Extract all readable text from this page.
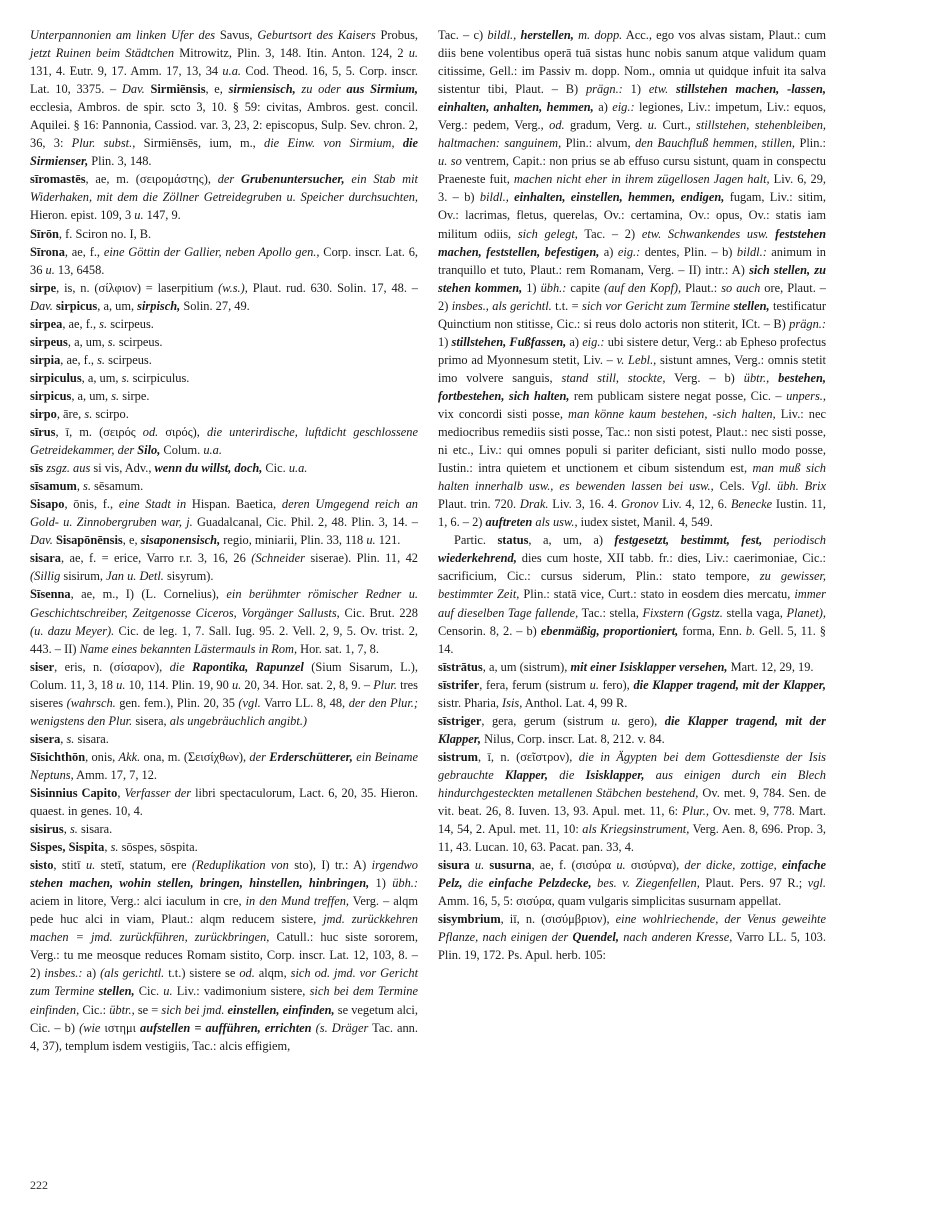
Unterpannonien am linken Ufer des Savus, Geburtsort des Kaisers Probus, jetzt Ruinen beim Städtchen Mitrowitz, Plin. 3, 148. Itin. Anton. 124, 2 u. 131, 4. Eutr. 9, 17. Amm. 17, 13, 34 u.a. Cod. Theod. 16, 5, 5. Corp. inscr. Lat. 10, 3375. – Dav. Sirmiēnsis, e, sirmiensisch, zu oder aus Sirmium, ecclesia, Ambros. de spir. scto 3, 10. § 59: civitas, Ambros. gest. concil. Aquilei. § 16: Pannonia, Cassiod. var. 3, 23, 2: episcopus, Sulp. Sev. chron. 2, 36, 3: Plur. subst., Sirmiēnsēs, ium, m., die Einw. von Sirmium, die Sirmienser, Plin. 3, 148.

sīromastēs, ae, m. (σειρομάστης), der Grubenuntersucher, ein Stab mit Widerhaken, mit dem die Zöllner Getreidegruben u. Speicher durchsuchten, Hieron. epist. 109, 3 u. 147, 9.

Sīrōn, f. Sciron no. I, B.

Sīrona, ae, f., eine Göttin der Gallier, neben Apollo gen., Corp. inscr. Lat. 6, 36 u. 13, 6458.

sirpe, is, n. (σίλφιον) = laserpitium (w.s.), Plaut. rud. 630. Solin. 17, 48. – Dav. sirpicus, a, um, sirpisch, Solin. 27, 49.

sirpea, ae, f., s. scirpeus.

sirpeus, a, um, s. scirpeus.

sirpia, ae, f., s. scirpeus.

sirpiculus, a, um, s. scirpiculus.

sirpicus, a, um, s. sirpe.

sirpo, āre, s. scirpo.

sīrus, ī, m. (σειρός od. σιρός), die unterirdische, luftdicht geschlossene Getreidekammer, der Silo, Colum. u.a.

sīs zsgz. aus si vis, Adv., wenn du willst, doch, Cic. u.a.

sīsamum, s. sēsamum.

Sisapo, ōnis, f., eine Stadt in Hispan. Baetica, deren Umgegend reich an Gold- u. Zinnobergruben war, j. Guadalcanal, Cic. Phil. 2, 48. Plin. 3, 14. – Dav. Sisapōnēnsis, e, sisaponensisch, regio, miniarii, Plin. 33, 118 u. 121.

sisara, ae, f. = erice, Varro r.r. 3, 16, 26 (Schneider siserae). Plin. 11, 42 (Sillig sisirum, Jan u. Detl. sisyrum).

Sīsenna, ae, m., I) (L. Cornelius), ein berühmter römischer Redner u. Geschichtschreiber, Zeitgenosse Ciceros, Vorgänger Sallusts, Cic. Brut. 228 (u. dazu Meyer). Cic. de leg. 1, 7. Sall. Iug. 95. 2. Vell. 2, 9, 5. Ov. trist. 2, 443. – II) Name eines bekannten Lästermauls in Rom, Hor. sat. 1, 7, 8.

siser, eris, n. (σίσαρον), die Rapontika, Rapunzel (Sium Sisarum, L.), Colum. 11, 3, 18 u. 10, 114. Plin. 19, 90 u. 20, 34. Hor. sat. 2, 8, 9. – Plur. tres siseres (wahrsch. gen. fem.), Plin. 20, 35 (vgl. Varro LL. 8, 48, der den Plur.; wenigstens den Plur. sisera, als ungebräuchlich angibt.)

sisera, s. sisara.

Sīsichthōn, onis, Akk. ona, m. (Σεισίχθων), der Erderschütterer, ein Beiname Neptuns, Amm. 17, 7, 12.

Sisinnius Capito, Verfasser der libri spectaculorum, Lact. 6, 20, 35. Hieron. quaest. in genes. 10, 4.

sisirus, s. sisara.

Sispes, Sispita, s. sōspes, sōspita.

sisto, stitī u. stetī, statum, ere (Reduplikation von sto), I) tr.: A) irgendwo stehen machen, wohin stellen, bringen, hinstellen, hinbringen, 1) übh.: aciem in litore, Verg.: alci iaculum in cre, in den Mund treffen, Verg. – alqm pede huc alci in viam, Plaut.: alqm reducem sistere, jmd. zurückkehren machen = jmd. zurückführen, zurückbringen, Catull.: huc siste sororem, Verg.: tu me meosque reduces Romam sistito, Corp. inscr. Lat. 12, 103, 8. – 2) insbes.: a) (als gerichtl. t.t.) sistere se od. alqm, sich od. jmd. vor Gericht zum Termine stellen, Cic. u. Liv.: vadimonium sistere, sich bei dem Termine einfinden, Cic.: übtr., se = sich bei jmd. einstellen, einfinden, se vegetum alci, Cic. – b) (wie ιστημι aufstellen = aufführen, errichten (s. Dräger Tac. ann. 4, 37), templum isdem vestigiis, Tac.: alcis effigiem,

Tac. – c) bildl., herstellen, m. dopp. Acc., ego vos alvas sistam, Plaut.: cum diis bene volentibus operā tuā sistas hunc nobis sanum atque validum quam citissime, Gell.: im Passiv m. dopp. Nom., omnia ut quidque infuit ita salva sistentur tibi, Plaut. – B) prägn.: 1) etw. stillstehen machen, -lassen, einhalten, anhalten, hemmen, a) eig.: legiones, Liv.: impetum, Liv.: equos, Verg.: pedem, Verg., od. gradum, Verg. u. Curt., stillstehen, stehenbleiben, haltmachen: sanguinem, Plin.: alvum, den Bauchfluß hemmen, stillen, Plin.: u. so ventrem, Capit.: non prius se ab effuso cursu sistunt, quam in conspectu Praeneste fuit, machen nicht eher in ihrem zügellosen Jagen halt, Liv. 6, 29, 3. – b) bildl., einhalten, einstellen, hemmen, endigen, fugam, Liv.: sitim, Ov.: lacrimas, fletus, querelas, Ov.: certamina, Ov.: opus, Ov.: statis iam militum odiis, sich gelegt, Tac. – 2) etw. Schwankendes usw. feststehen machen, feststellen, befestigen, a) eig.: dentes, Plin. – b) bildl.: animum in tranquillo et tuto, Plaut.: rem Romanam, Verg. – II) intr.: A) sich stellen, zu stehen kommen, 1) übh.: capite (auf den Kopf), Plaut.: so auch ore, Plaut. – 2) insbes., als gerichtl. t.t. = sich vor Gericht zum Termine stellen, testificatur Quinctium non stitisse, Cic.: si reus dolo actoris non stiterit, ICt. – B) prägn.: 1) stillstehen, Fußfassen, a) eig.: ubi sistere detur, Verg.: ab Epheso profectus primo ad Myonnesum stetit, Liv. – v. Lebl., sistunt amnes, Verg.: omnis stetit imo volvere sanguis, stand still, stockte, Verg. – b) übtr., bestehen, fortbestehen, sich halten, rem publicam sistere negat posse, Cic. – unpers., vix concordi sisti posse, man könne kaum bestehen, -sich halten, Liv.: nec mediocribus remediis sisti posse, Tac.: non sisti potest, Plaut.: nec sisti posse, ni etc., Liv.: qui omnes populi si pariter deficiant, sisti nullo modo posse, Iustin.: intra quietem et unctionem et cibum sistendum est, man muß sich halten innerhalb usw., es bewenden lassen bei usw., Cels. Vgl. übh. Brix Plaut. trin. 720. Drak. Liv. 3, 16. 4. Gronov Liv. 4, 12, 6. Benecke Iustin. 11, 1, 6. – 2) auftreten als usw., iudex sistet, Manil. 4, 549.

Partic. status, a, um, a) festgesetzt, bestimmt, fest, periodisch wiederkehrend, dies cum hoste, XII tabb. fr.: dies, Liv.: caerimoniae, Cic.: sacrificium, Cic.: cursus siderum, Plin.: stato tempore, zu gewisser, bestimmter Zeit, Plin.: statā vice, Curt.: stato in eosdem dies mercatu, immer auf dieselben Tage fallende, Tac.: stella, Fixstern (Ggstz. stella vaga, Planet), Censorin. 8, 2. – b) ebenmäßig, proportioniert, forma, Enn. b. Gell. 5, 11. § 14.

sīstrātus, a, um (sistrum), mit einer Isisklapper versehen, Mart. 12, 29, 19.

sīstrifer, fera, ferum (sistrum u. fero), die Klapper tragend, mit der Klapper, sistr. Pharia, Isis, Anthol. Lat. 4, 99 R.

sīstriger, gera, gerum (sistrum u. gero), die Klapper tragend, mit der Klapper, Nilus, Corp. inscr. Lat. 8, 212. v. 84.

sistrum, ī, n. (σεῖστρον), die in Ägypten bei dem Gottesdienste der Isis gebrauchte Klapper, die Isisklapper, aus einigen durch ein Blech hindurchgesteckten metallenen Stäbchen bestehend, Ov. met. 9, 784. Sen. de vit. beat. 26, 8. Iuven. 13, 93. Apul. met. 11, 6: Plur., Ov. met. 9, 778. Mart. 14, 54, 2. Apul. met. 11, 10: als Kriegsinstrument, Verg. Aen. 8, 696. Prop. 3, 11, 43. Lucan. 10, 63. Pacat. pan. 33, 4.

sisura u. susurna, ae, f. (σισύρα u. σισύρνα), der dicke, zottige, einfache Pelz, die einfache Pelzdecke, bes. v. Ziegenfellen, Plaut. Pers. 97 R.; vgl. Amm. 16, 5, 5: σισύρα, quam vulgaris simplicitas susurnam appellat.

sisymbrium, iī, n. (σισύμβριον), eine wohlriechende, der Venus geweihte Pflanze, nach einigen der Quendel, nach anderen Kresse, Varro LL. 5, 103. Plin. 19, 172. Ps. Apul. herb. 105:

222
